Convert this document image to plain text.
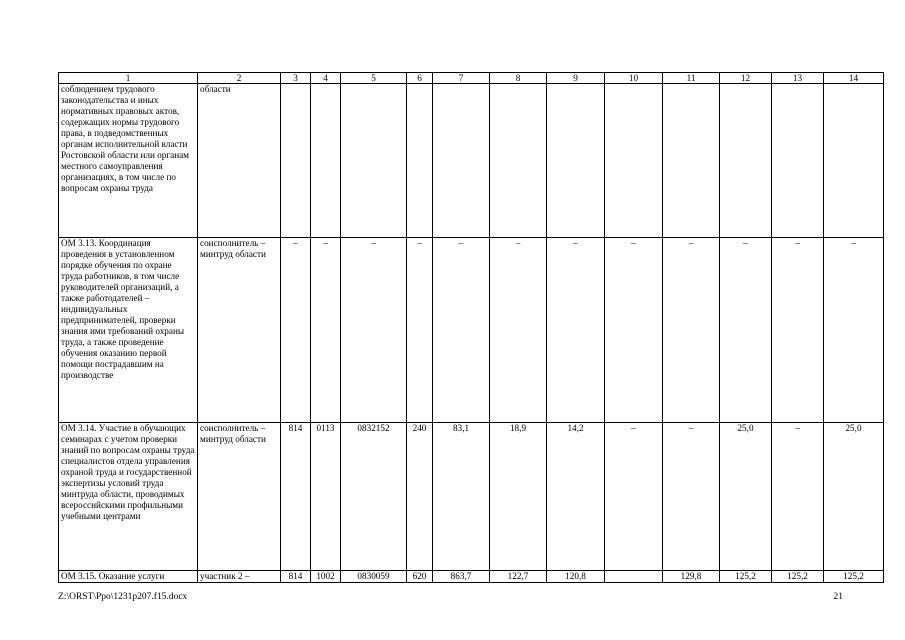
1	2	3	4	5	6	7	8	9	10	11	12	13	14
соблюдением трудового законодательства и иных нормативных правовых актов, содержащих нормы трудового права, в подведомственных органам исполнительной власти Ростовской области или органам местного самоуправления организациях, в том числе по вопросам охраны труда	области												
ОМ 3.13. Координация проведения в установленном порядке обучения по охране труда работников, в том числе руководителей организаций, а также работодателей – индивидуальных предпринимателей, проверки знания ими требований охраны труда, а также проведение обучения оказанию первой помощи пострадавшим на производстве	соисполнитель – минтруд области	–	–	–	–	–	–	–	–	–	–	–	–
ОМ 3.14. Участие в обучающих семинарах с учетом проверки знаний по вопросам охраны труда специалистов отдела управления охраной труда и государственной экспертизы условий труда минтруда области, проводимых всероссийскими профильными учебными центрами	соисполнитель – минтруд области	814	0113	0832152	240	83,1	18,9	14,2	–	–	25,0	–	25,0
ОМ 3.15. Оказание услуги	участник 2 –	814	1002	0830059	620	863,7	122,7	120,8		129,8	125,2	125,2	125,2
Z:\ORST\Ppo\1231p207.f15.docx	21
